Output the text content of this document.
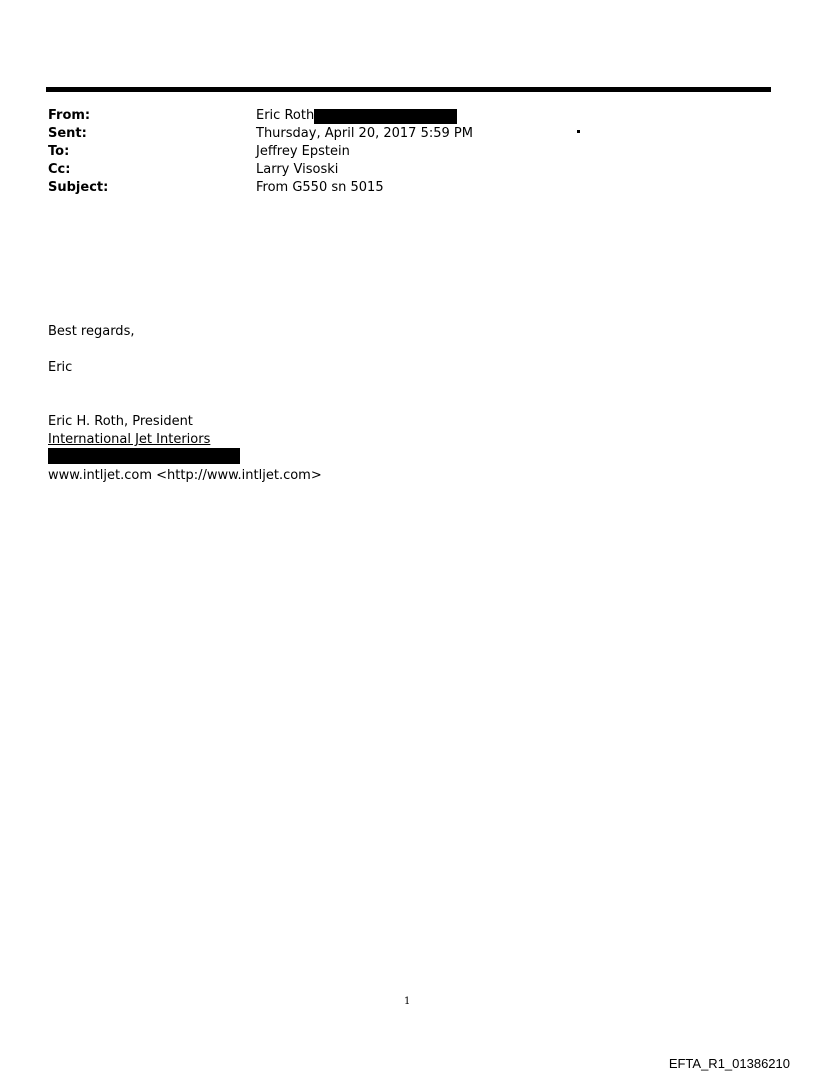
From:	Eric Roth
Sent:	Thursday, April 20, 2017 5:59 PM
To:	Jeffrey Epstein
Cc:	Larry Visoski
Subject:	From G550 sn 5015
Best regards,
Eric
Eric H. Roth, President
International Jet Interiors
www.intljet.com <http://www.intljet.com>
1
EFTA_R1_01386210
